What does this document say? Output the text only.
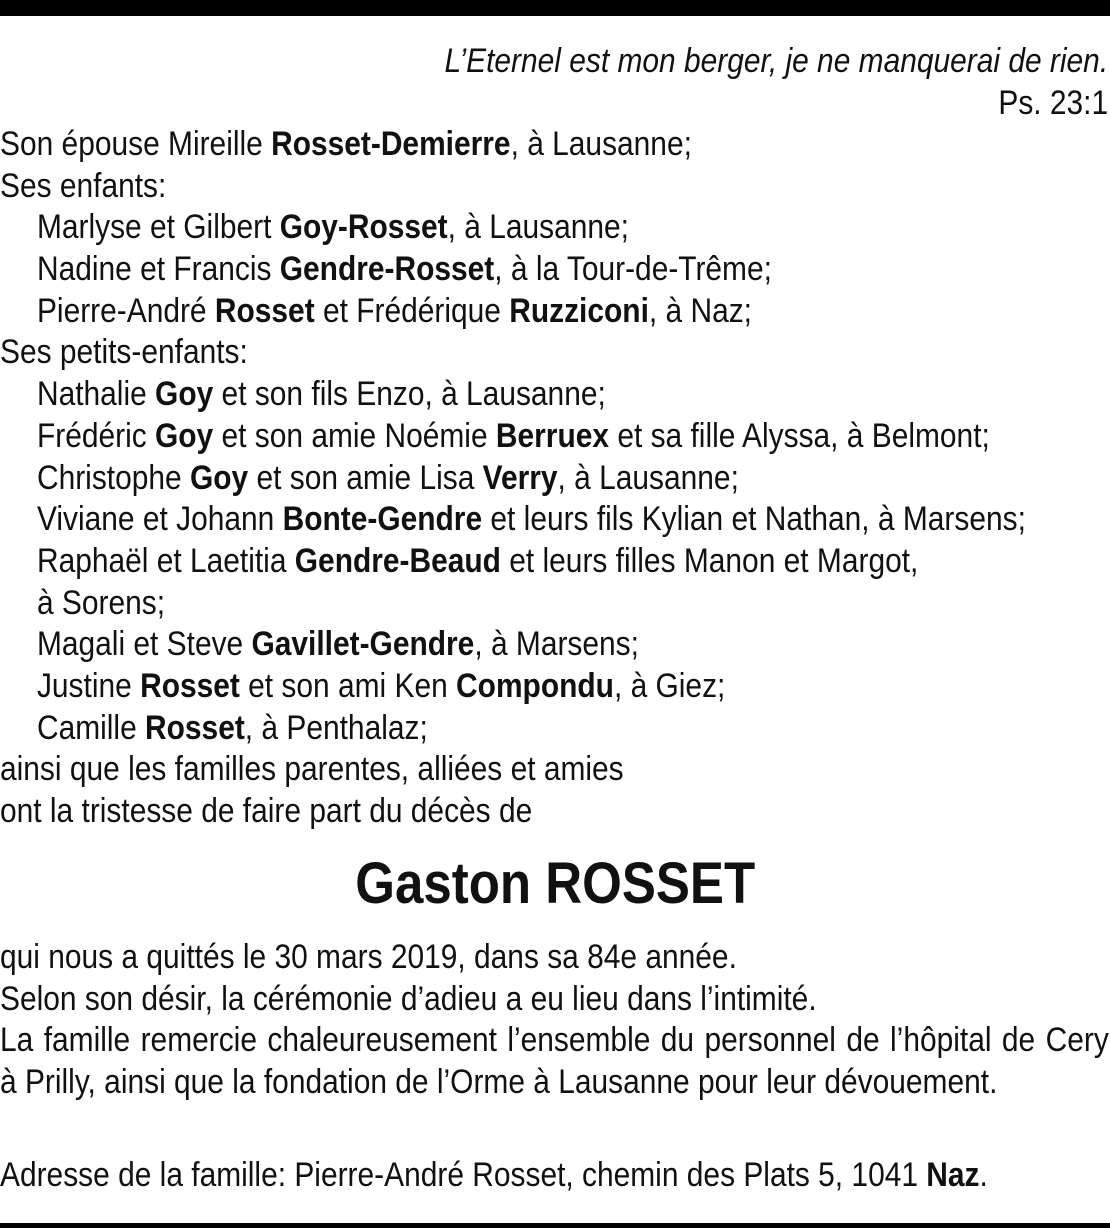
L’Eternel est mon berger, je ne manquerai de rien.
Ps. 23:1
Son épouse Mireille Rosset-Demierre, à Lausanne;
Ses enfants:
Marlyse et Gilbert Goy-Rosset, à Lausanne;
Nadine et Francis Gendre-Rosset, à la Tour-de-Trême;
Pierre-André Rosset et Frédérique Ruzziconi, à Naz;
Ses petits-enfants:
Nathalie Goy et son fils Enzo, à Lausanne;
Frédéric Goy et son amie Noémie Berruex et sa fille Alyssa, à Belmont;
Christophe Goy et son amie Lisa Verry, à Lausanne;
Viviane et Johann Bonte-Gendre et leurs fils Kylian et Nathan, à Marsens;
Raphaël et Laetitia Gendre-Beaud et leurs filles Manon et Margot,
à Sorens;
Magali et Steve Gavillet-Gendre, à Marsens;
Justine Rosset et son ami Ken Compondu, à Giez;
Camille Rosset, à Penthalaz;
ainsi que les familles parentes, alliées et amies
ont la tristesse de faire part du décès de
Gaston ROSSET
qui nous a quittés le 30 mars 2019, dans sa 84e année.
Selon son désir, la cérémonie d’adieu a eu lieu dans l’intimité.
La famille remercie chaleureusement l’ensemble du personnel de l’hôpital de Cery à Prilly, ainsi que la fondation de l’Orme à Lausanne pour leur dévouement.
Adresse de la famille: Pierre-André Rosset, chemin des Plats 5, 1041 Naz.
